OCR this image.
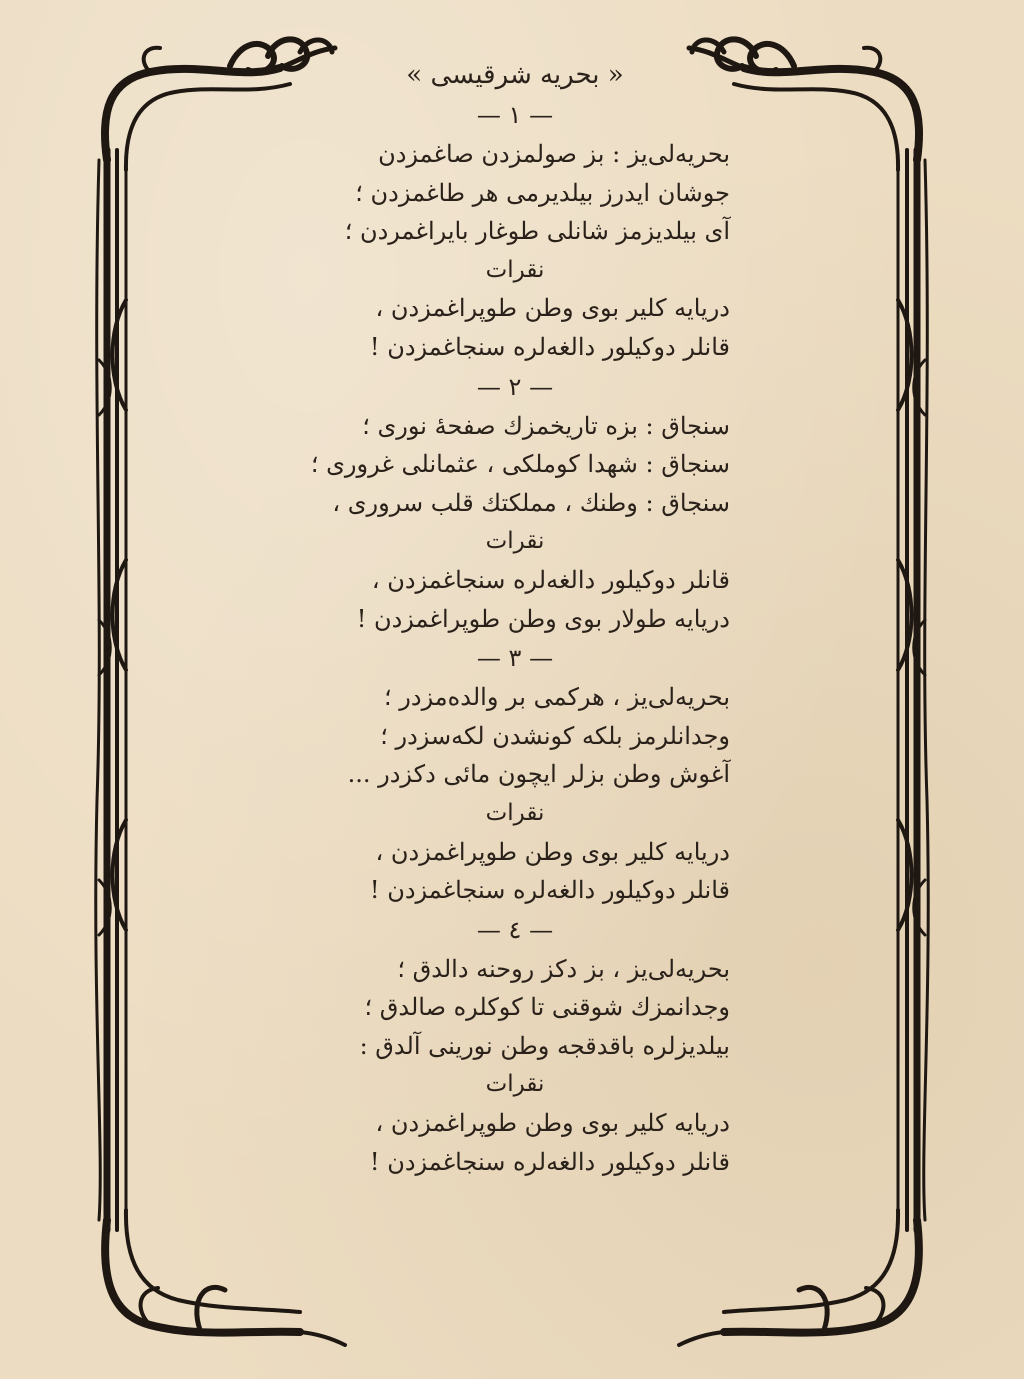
« بحریه شرقیسی »
— ١ —
بحریه‌لی‌یز : بز صولمزدن صاغمزدن
جوشان ایدرز بیلدیرمی هر طاغمزدن ؛
آی بیلدیزمز شانلی طوغار بایراغمردن ؛
نقرات
دریایه کلیر بوی وطن طوپراغمزدن ،
قانلر دوکیلور دالغه‌لره سنجاغمزدن !
— ٢ —
سنجاق : بزه تاریخمزك صفحهٔ نوری ؛
سنجاق : شهدا کوملکی ، عثمانلی غروری ؛
سنجاق : وطنك ، مملکتك قلب سروری ،
نقرات
قانلر دوکیلور دالغه‌لره سنجاغمزدن ،
دریایه طولار بوی وطن طوپراغمزدن !
— ٣ —
بحریه‌لی‌یز ، هرکمی بر والده‌مزدر ؛
وجدانلرمز بلکه کونشدن لکه‌سزدر ؛
آغوش وطن بزلر ایچون مائی دکزدر ...
نقرات
دریایه کلیر بوی وطن طوپراغمزدن ،
قانلر دوکیلور دالغه‌لره سنجاغمزدن !
— ٤ —
بحریه‌لی‌یز ، بز دکز روحنه دالدق ؛
وجدانمزك شوقنی تا کوکلره صالدق ؛
بیلدیزلره باقدقجه وطن نورینی آلدق :
نقرات
دریایه کلیر بوی وطن طوپراغمزدن ،
قانلر دوکیلور دالغه‌لره سنجاغمزدن !
